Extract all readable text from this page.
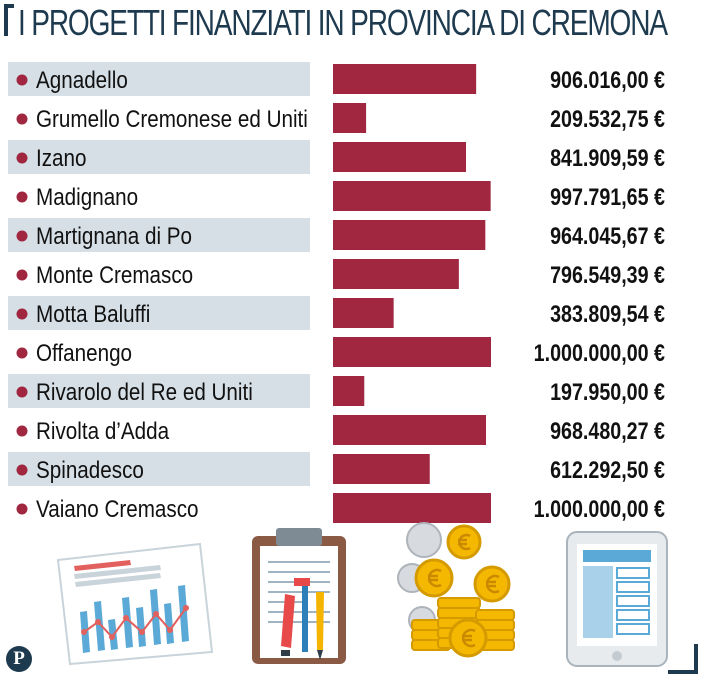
I PROGETTI FINANZIATI IN PROVINCIA DI CREMONA
Agnadello	906.016,00 €
Grumello Cremonese ed Uniti	209.532,75 €
Izano	841.909,59 €
Madignano	997.791,65 €
Martignana di Po	964.045,67 €
Monte Cremasco	796.549,39 €
Motta Baluffi	383.809,54 €
Offanengo	1.000.000,00 €
Rivarolo del Re ed Uniti	197.950,00 €
Rivolta d’Adda	968.480,27 €
Spinadesco	612.292,50 €
Vaiano Cremasco	1.000.000,00 €
P
